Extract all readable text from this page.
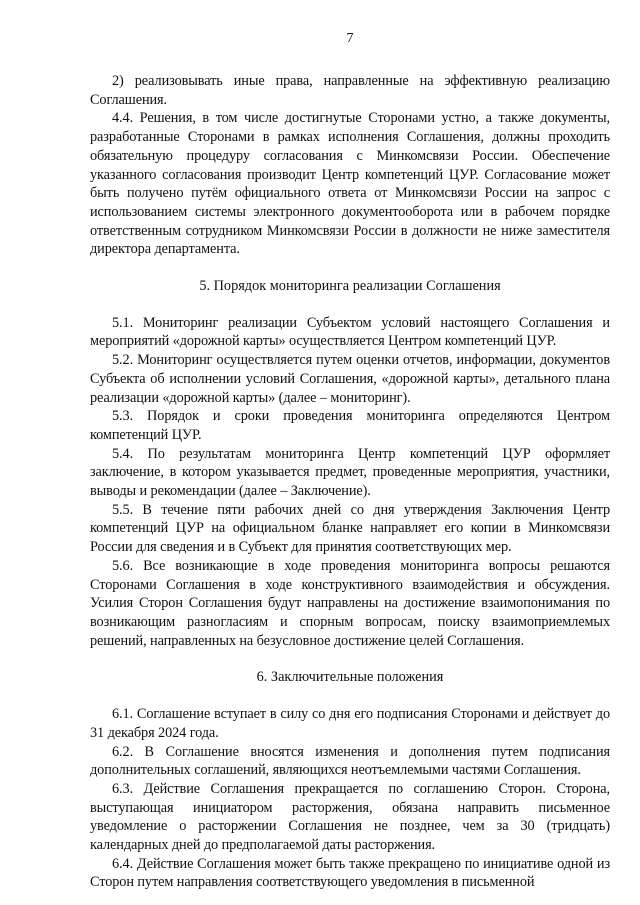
7

2) реализовывать иные права, направленные на эффективную реализацию Соглашения.

4.4. Решения, в том числе достигнутые Сторонами устно, а также документы, разработанные Сторонами в рамках исполнения Соглашения, должны проходить обязательную процедуру согласования с Минкомсвязи России. Обеспечение указанного согласования производит Центр компетенций ЦУР. Согласование может быть получено путём официального ответа от Минкомсвязи России на запрос с использованием системы электронного документооборота или в рабочем порядке ответственным сотрудником Минкомсвязи России в должности не ниже заместителя директора департамента.

5. Порядок мониторинга реализации Соглашения

5.1. Мониторинг реализации Субъектом условий настоящего Соглашения и мероприятий «дорожной карты» осуществляется Центром компетенций ЦУР.

5.2. Мониторинг осуществляется путем оценки отчетов, информации, документов Субъекта об исполнении условий Соглашения, «дорожной карты», детального плана реализации «дорожной карты» (далее – мониторинг).

5.3. Порядок и сроки проведения мониторинга определяются Центром компетенций ЦУР.

5.4. По результатам мониторинга Центр компетенций ЦУР оформляет заключение, в котором указывается предмет, проведенные мероприятия, участники, выводы и рекомендации (далее – Заключение).

5.5. В течение пяти рабочих дней со дня утверждения Заключения Центр компетенций ЦУР на официальном бланке направляет его копии в Минкомсвязи России для сведения и в Субъект для принятия соответствующих мер.

5.6. Все возникающие в ходе проведения мониторинга вопросы решаются Сторонами Соглашения в ходе конструктивного взаимодействия и обсуждения. Усилия Сторон Соглашения будут направлены на достижение взаимопонимания по возникающим разногласиям и спорным вопросам, поиску взаимоприемлемых решений, направленных на безусловное достижение целей Соглашения.

6. Заключительные положения

6.1. Соглашение вступает в силу со дня его подписания Сторонами и действует до 31 декабря 2024 года.

6.2. В Соглашение вносятся изменения и дополнения путем подписания дополнительных соглашений, являющихся неотъемлемыми частями Соглашения.

6.3. Действие Соглашения прекращается по соглашению Сторон. Сторона, выступающая инициатором расторжения, обязана направить письменное уведомление о расторжении Соглашения не позднее, чем за 30 (тридцать) календарных дней до предполагаемой даты расторжения.

6.4. Действие Соглашения может быть также прекращено по инициативе одной из Сторон путем направления соответствующего уведомления в письменной
